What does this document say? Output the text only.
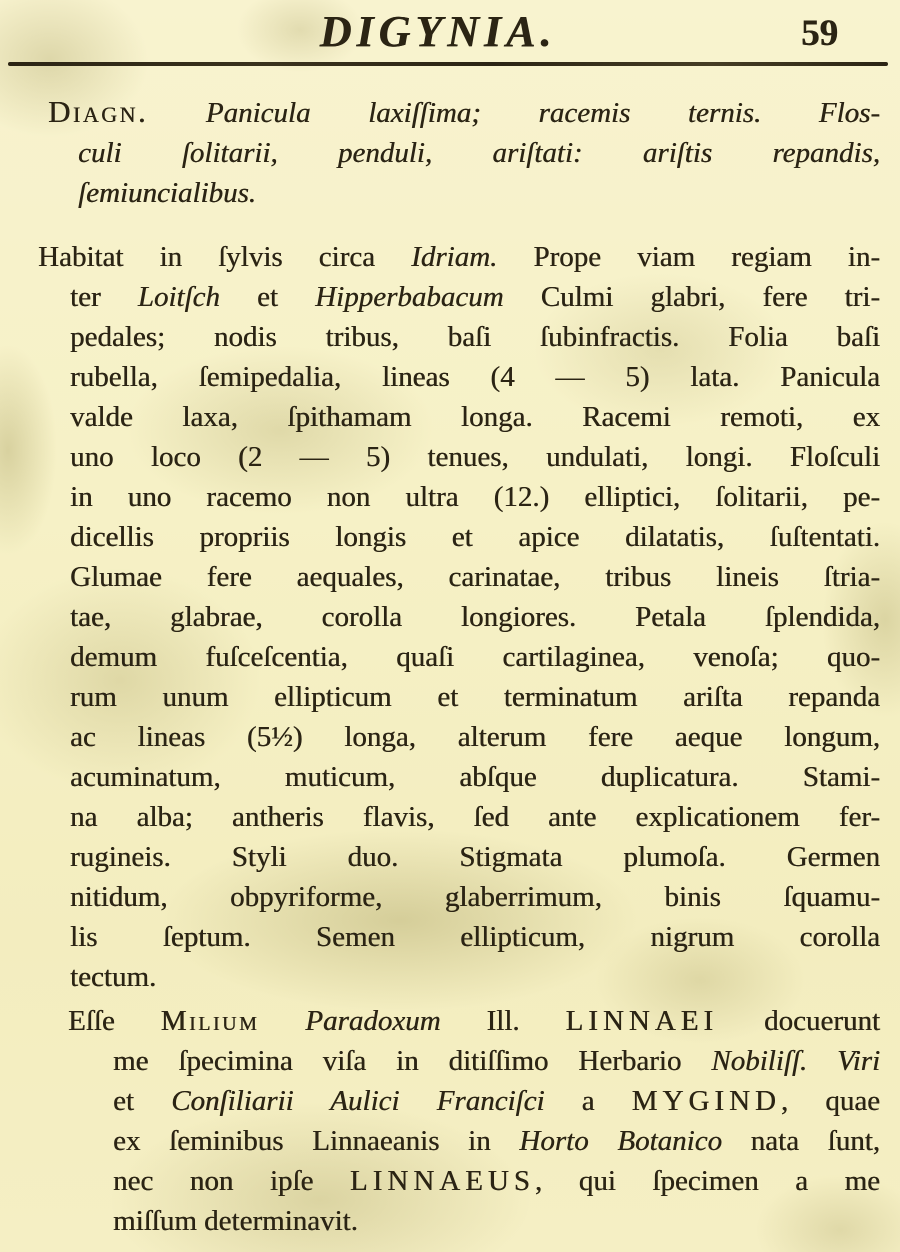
DIGYNIA.	59
Diagn. Panicula laxiſſima; racemis ternis. Flos-
culi ſolitarii, penduli, ariſtati: ariſtis repandis,
ſemiuncialibus.
Habitat in ſylvis circa Idriam. Prope viam regiam in-
ter Loitſch et Hipperbabacum Culmi glabri, fere tri-
pedales; nodis tribus, baſi ſubinfractis. Folia baſi
rubella, ſemipedalia, lineas (4 — 5) lata. Panicula
valde laxa, ſpithamam longa. Racemi remoti, ex
uno loco (2 — 5) tenues, undulati, longi. Floſculi
in uno racemo non ultra (12.) elliptici, ſolitarii, pe-
dicellis propriis longis et apice dilatatis, ſuſtentati.
Glumae fere aequales, carinatae, tribus lineis ſtria-
tae, glabrae, corolla longiores. Petala ſplendida,
demum fuſceſcentia, quaſi cartilaginea, venoſa; quo-
rum unum ellipticum et terminatum ariſta repanda
ac lineas (5½) longa, alterum fere aeque longum,
acuminatum, muticum, abſque duplicatura. Stami-
na alba; antheris flavis, ſed ante explicationem fer-
rugineis. Styli duo. Stigmata plumoſa. Germen
nitidum, obpyriforme, glaberrimum, binis ſquamu-
lis ſeptum. Semen ellipticum, nigrum corolla
tectum.
Eſſe Milium Paradoxum Ill. LINNAEI docuerunt
me ſpecimina viſa in ditiſſimo Herbario Nobiliſſ. Viri
et Conſiliarii Aulici Franciſci a MYGIND, quae
ex ſeminibus Linnaeanis in Horto Botanico nata ſunt,
nec non ipſe LINNAEUS, qui ſpecimen a me
miſſum determinavit.
